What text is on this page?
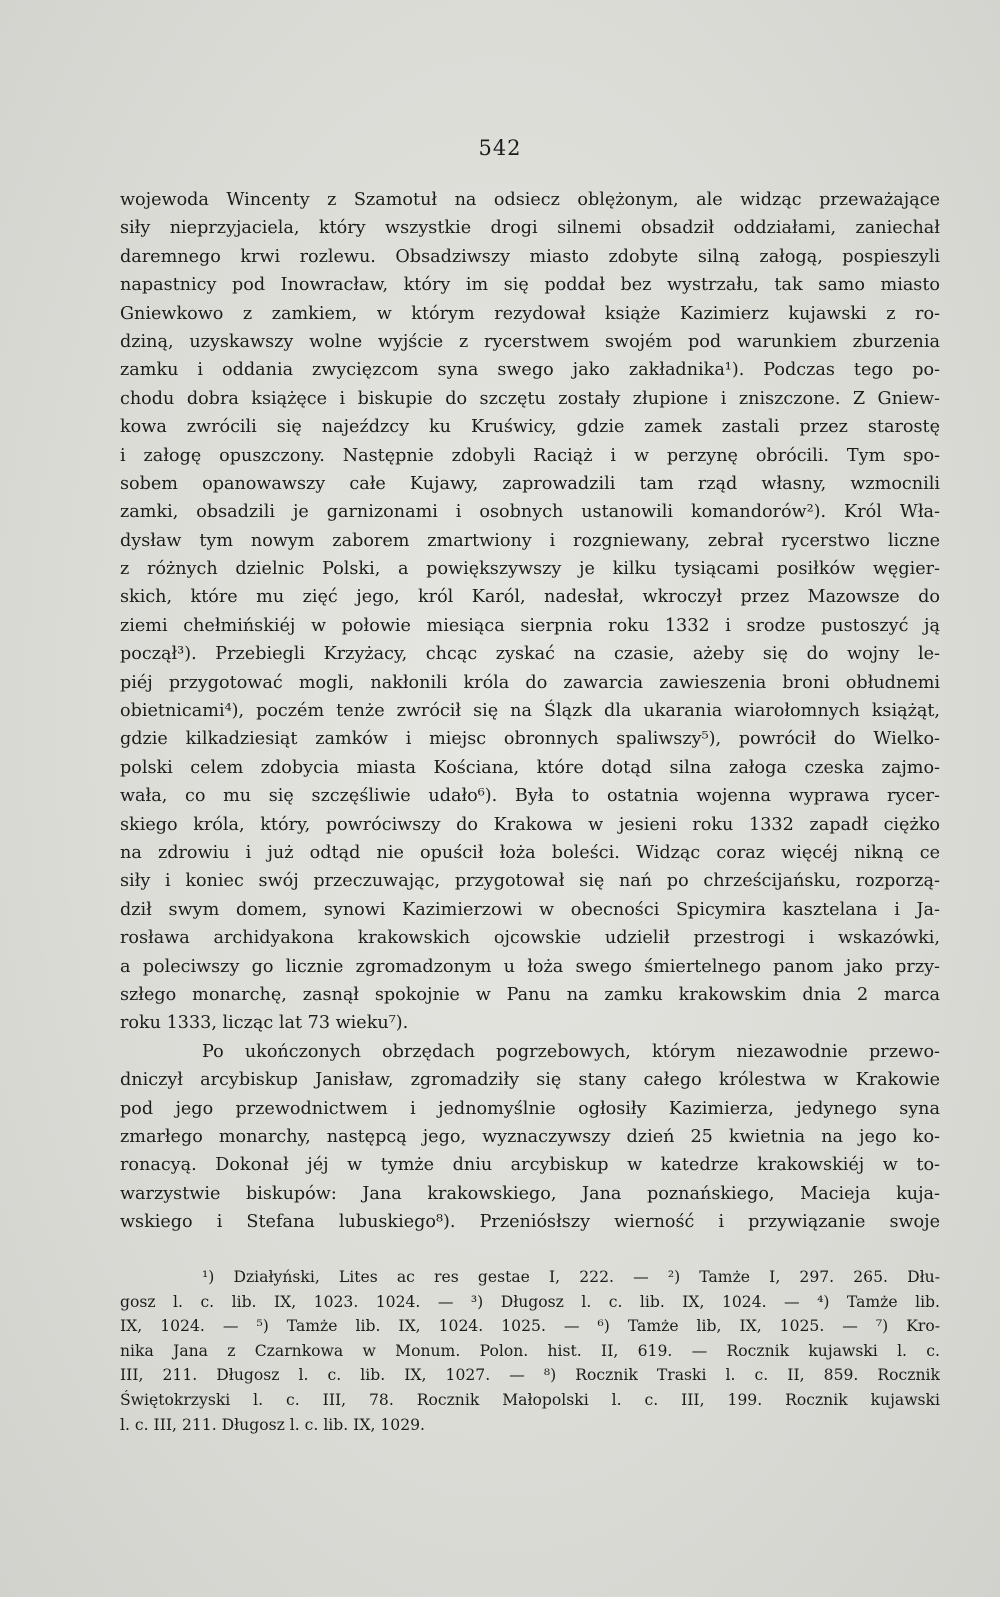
542
wojewoda Wincenty z Szamotuł na odsiecz oblężonym, ale widząc przeważające
siły nieprzyjaciela, który wszystkie drogi silnemi obsadził oddziałami, zaniechał
daremnego krwi rozlewu. Obsadziwszy miasto zdobyte silną załogą, pospieszyli
napastnicy pod Inowracław, który im się poddał bez wystrzału, tak samo miasto
Gniewkowo z zamkiem, w którym rezydował książe Kazimierz kujawski z ro-
dziną, uzyskawszy wolne wyjście z rycerstwem swojém pod warunkiem zburzenia
zamku i oddania zwycięzcom syna swego jako zakładnika¹). Podczas tego po-
chodu dobra książęce i biskupie do szczętu zostały złupione i zniszczone. Z Gniew-
kowa zwrócili się najeźdzcy ku Kruświcy, gdzie zamek zastali przez starostę
i załogę opuszczony. Następnie zdobyli Raciąż i w perzynę obrócili. Tym spo-
sobem opanowawszy całe Kujawy, zaprowadzili tam rząd własny, wzmocnili
zamki, obsadzili je garnizonami i osobnych ustanowili komandorów²). Król Wła-
dysław tym nowym zaborem zmartwiony i rozgniewany, zebrał rycerstwo liczne
z różnych dzielnic Polski, a powiększywszy je kilku tysiącami posiłków węgier-
skich, które mu zięć jego, król Karól, nadesłał, wkroczył przez Mazowsze do
ziemi chełmińskiéj w połowie miesiąca sierpnia roku 1332 i srodze pustoszyć ją
począł³). Przebiegli Krzyżacy, chcąc zyskać na czasie, ażeby się do wojny le-
piéj przygotować mogli, nakłonili króla do zawarcia zawieszenia broni obłudnemi
obietnicami⁴), poczém tenże zwrócił się na Ślązk dla ukarania wiarołomnych książąt,
gdzie kilkadziesiąt zamków i miejsc obronnych spaliwszy⁵), powrócił do Wielko-
polski celem zdobycia miasta Kościana, które dotąd silna załoga czeska zajmo-
wała, co mu się szczęśliwie udało⁶). Była to ostatnia wojenna wyprawa rycer-
skiego króla, który, powróciwszy do Krakowa w jesieni roku 1332 zapadł ciężko
na zdrowiu i już odtąd nie opuścił łoża boleści. Widząc coraz więcéj nikną ce
siły i koniec swój przeczuwając, przygotował się nań po chrześcijańsku, rozporzą-
dził swym domem, synowi Kazimierzowi w obecności Spicymira kasztelana i Ja-
rosława archidyakona krakowskich ojcowskie udzielił przestrogi i wskazówki,
a poleciwszy go licznie zgromadzonym u łoża swego śmiertelnego panom jako przy-
szłego monarchę, zasnął spokojnie w Panu na zamku krakowskim dnia 2 marca
roku 1333, licząc lat 73 wieku⁷).
Po ukończonych obrzędach pogrzebowych, którym niezawodnie przewo-
dniczył arcybiskup Janisław, zgromadziły się stany całego królestwa w Krakowie
pod jego przewodnictwem i jednomyślnie ogłosiły Kazimierza, jedynego syna
zmarłego monarchy, następcą jego, wyznaczywszy dzień 25 kwietnia na jego ko-
ronacyą. Dokonał jéj w tymże dniu arcybiskup w katedrze krakowskiéj w to-
warzystwie biskupów: Jana krakowskiego, Jana poznańskiego, Macieja kuja-
wskiego i Stefana lubuskiego⁸). Przeniósłszy wierność i przywiązanie swoje
¹) Działyński, Lites ac res gestae I, 222. — ²) Tamże I, 297. 265. Dłu-
gosz l. c. lib. IX, 1023. 1024. — ³) Długosz l. c. lib. IX, 1024. — ⁴) Tamże lib.
IX, 1024. — ⁵) Tamże lib. IX, 1024. 1025. — ⁶) Tamże lib, IX, 1025. — ⁷) Kro-
nika Jana z Czarnkowa w Monum. Polon. hist. II, 619. — Rocznik kujawski l. c.
III, 211. Długosz l. c. lib. IX, 1027. — ⁸) Rocznik Traski l. c. II, 859. Rocznik
Świętokrzyski l. c. III, 78. Rocznik Małopolski l. c. III, 199. Rocznik kujawski
l. c. III, 211. Długosz l. c. lib. IX, 1029.
